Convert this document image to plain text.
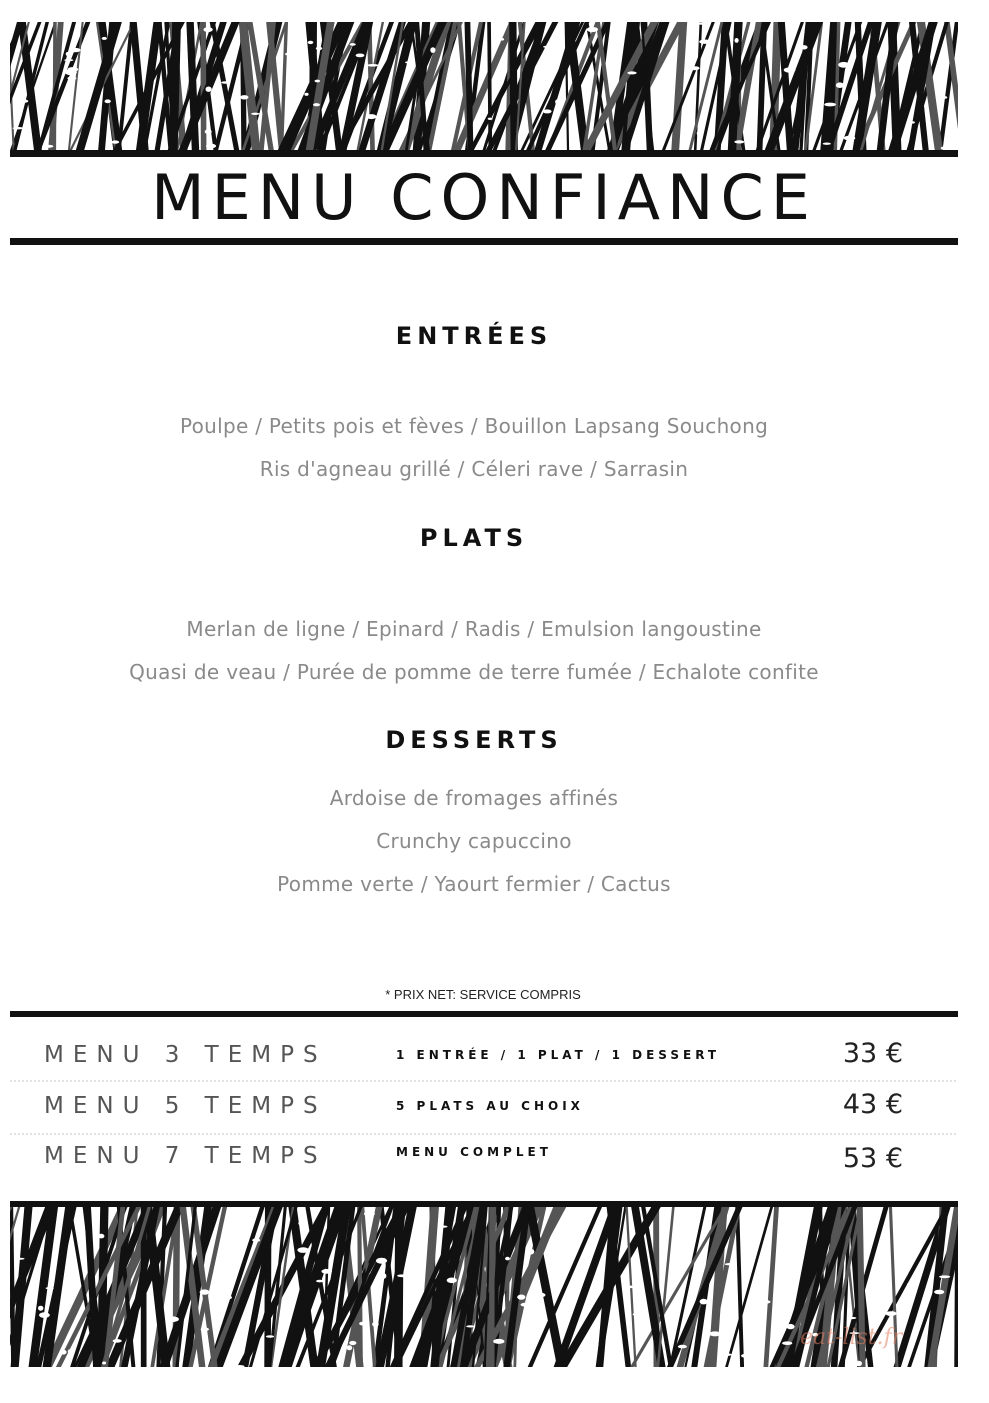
MENU CONFIANCE
ENTRÉES
Poulpe / Petits pois et fèves / Bouillon Lapsang Souchong
Ris d'agneau grillé / Céleri rave / Sarrasin
PLATS
Merlan de ligne / Epinard / Radis / Emulsion langoustine
Quasi de veau / Purée de pomme de terre fumée / Echalote confite
DESSERTS
Ardoise de fromages affinés
Crunchy capuccino
Pomme verte / Yaourt fermier / Cactus
* PRIX NET: SERVICE COMPRIS
MENU 3 TEMPS	1 ENTRÉE / 1 PLAT / 1 DESSERT	33 €
MENU 5 TEMPS	5 PLATS AU CHOIX	43 €
MENU 7 TEMPS	MENU COMPLET	53 €
eat-list.fr
